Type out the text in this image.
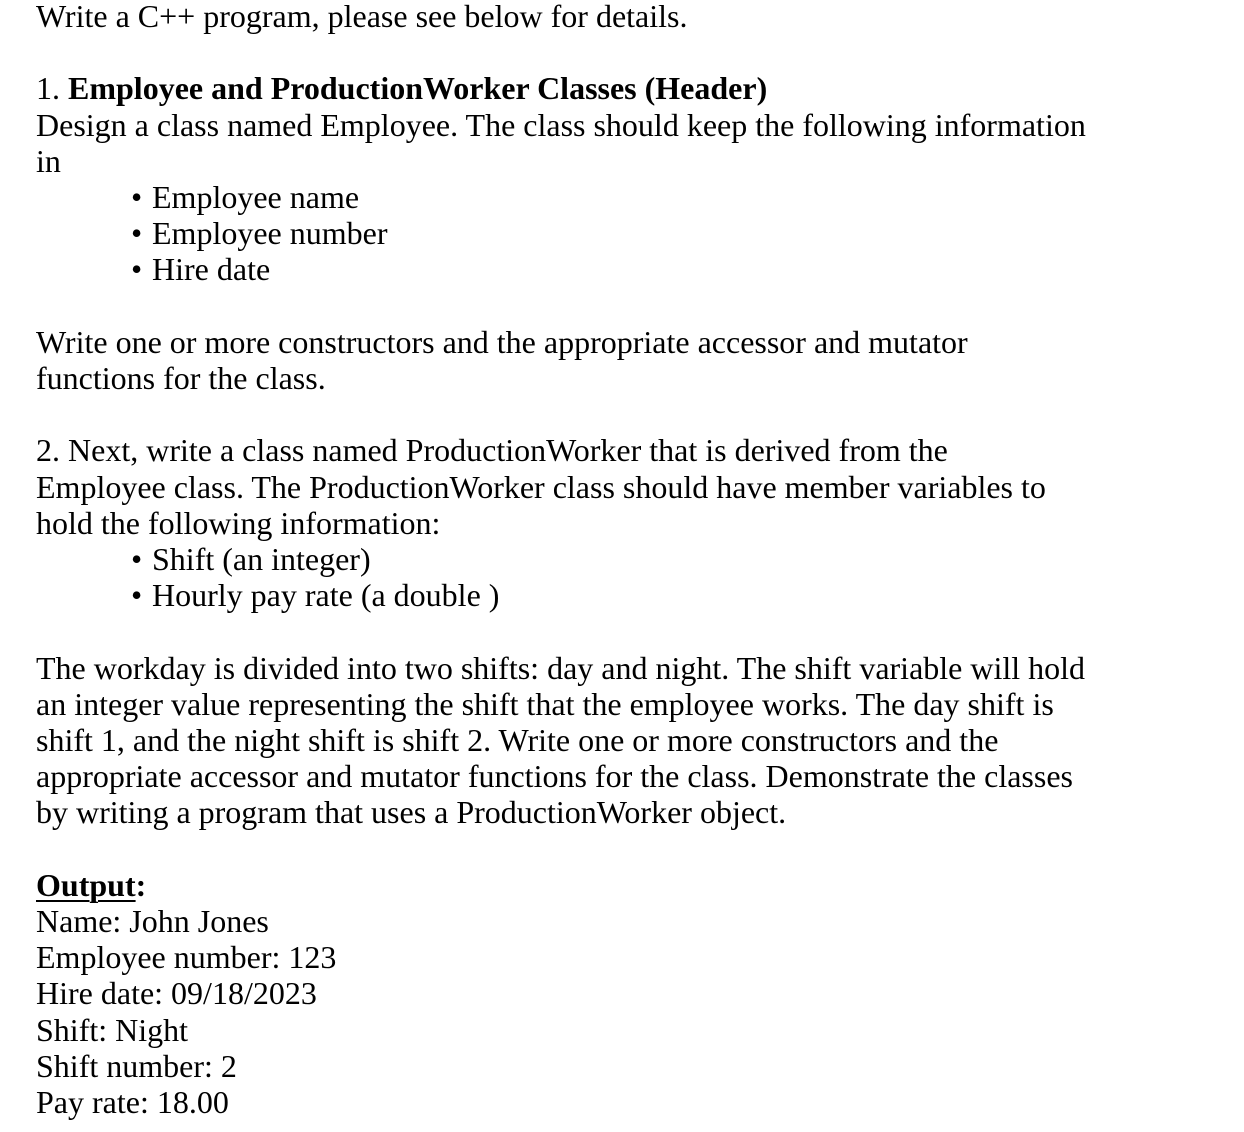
Write a C++ program, please see below for details.
1. Employee and ProductionWorker Classes (Header)
Design a class named Employee. The class should keep the following information
in
• Employee name
• Employee number
• Hire date
Write one or more constructors and the appropriate accessor and mutator
functions for the class.
2. Next, write a class named ProductionWorker that is derived from the
Employee class. The ProductionWorker class should have member variables to
hold the following information:
• Shift (an integer)
• Hourly pay rate (a double )
The workday is divided into two shifts: day and night. The shift variable will hold
an integer value representing the shift that the employee works. The day shift is
shift 1, and the night shift is shift 2. Write one or more constructors and the
appropriate accessor and mutator functions for the class. Demonstrate the classes
by writing a program that uses a ProductionWorker object.
Output:
Name: John Jones
Employee number: 123
Hire date: 09/18/2023
Shift: Night
Shift number: 2
Pay rate: 18.00
